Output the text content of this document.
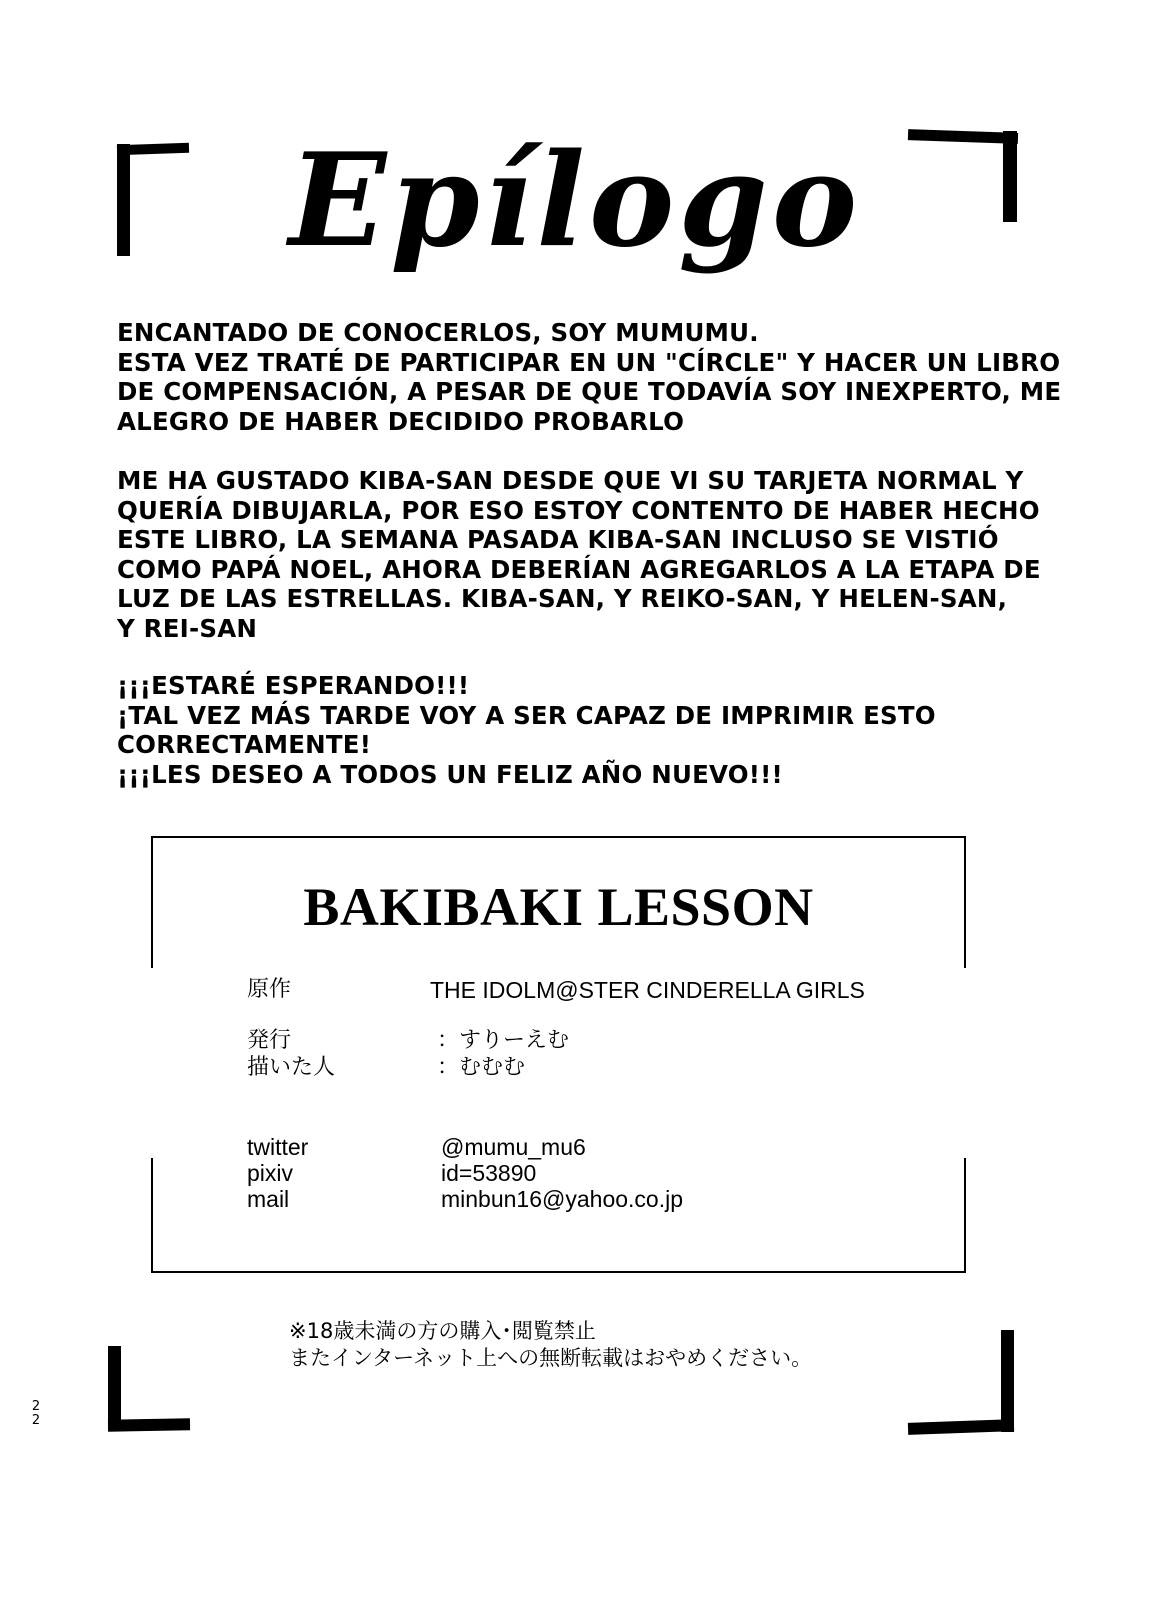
Epílogo
ENCANTADO DE CONOCERLOS, SOY MUMUMU.
ESTA VEZ TRATÉ DE PARTICIPAR EN UN "CÍRCLE" Y HACER UN LIBRO
DE COMPENSACIÓN, A PESAR DE QUE TODAVÍA SOY INEXPERTO, ME
ALEGRO DE HABER DECIDIDO PROBARLO
ME HA GUSTADO KIBA-SAN DESDE QUE VI SU TARJETA NORMAL Y
QUERÍA DIBUJARLA, POR ESO ESTOY CONTENTO DE HABER HECHO
ESTE LIBRO, LA SEMANA PASADA KIBA-SAN INCLUSO SE VISTIÓ
COMO PAPÁ NOEL, AHORA DEBERÍAN AGREGARLOS A LA ETAPA DE
LUZ DE LAS ESTRELLAS. KIBA-SAN, Y REIKO-SAN, Y HELEN-SAN,
Y REI-SAN
¡¡¡ESTARÉ ESPERANDO!!!
¡TAL VEZ MÁS TARDE VOY A SER CAPAZ DE IMPRIMIR ESTO
CORRECTAMENTE!
¡¡¡LES DESEO A TODOS UN FELIZ AÑO NUEVO!!!
BAKIBAKI LESSON
原作	THE IDOLM@STER CINDERELLA GIRLS
発行	：すりーえむ
描いた人	：むむむ
twitter	@mumu_mu6
pixiv	id=53890
mail	minbun16@yahoo.co.jp
※18歳未満の方の購入･閲覧禁止
またインターネット上への無断転載はおやめください。
22
